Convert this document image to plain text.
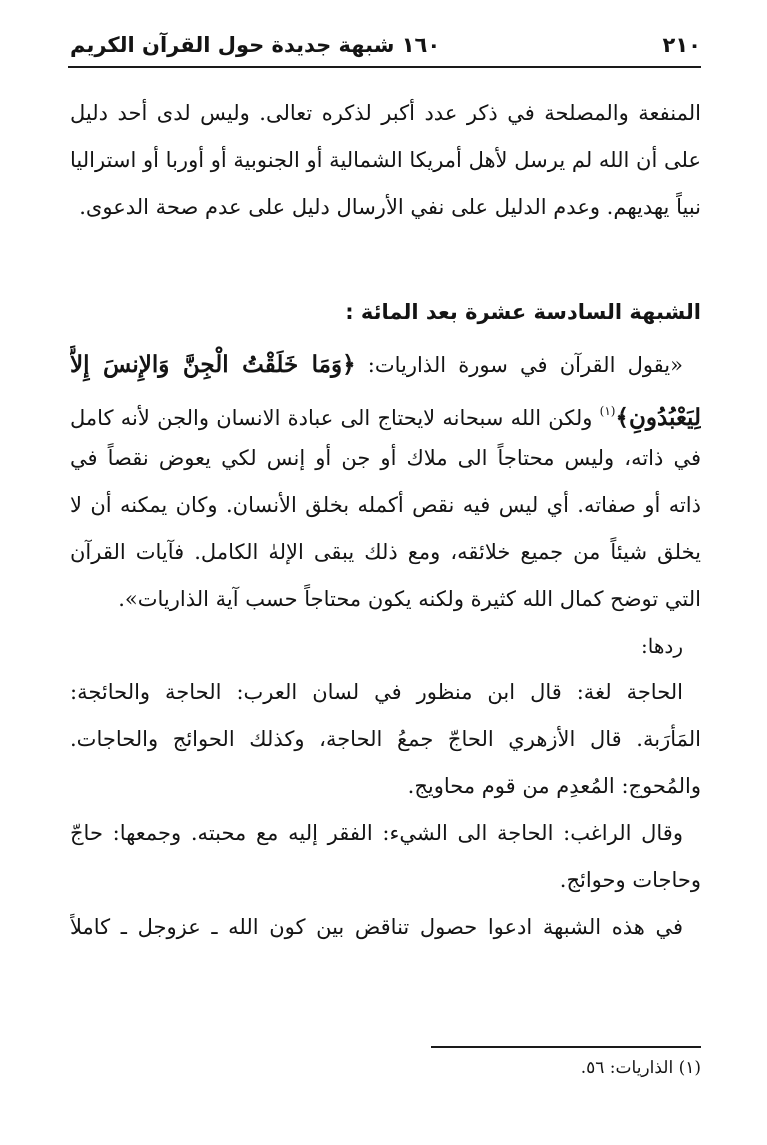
٢١٠
١٦٠ شبهة جديدة حول القرآن الكريم
المنفعة والمصلحة في ذكر عدد أكبر لذكره تعالى. وليس لدى أحد دليل
على أن الله لم يرسل لأهل أمريكا الشمالية أو الجنوبية أو أوربا أو استراليا
نبياً يهديهم. وعدم الدليل على نفي الأرسال دليل على عدم صحة الدعوى.
الشبهة السادسة عشرة بعد المائة :
«يقول القرآن في سورة الذاريات: ﴿وَمَا خَلَقْتُ الْجِنَّ وَالإِنسَ إِلاَّ
لِيَعْبُدُونِ﴾$^{(١)}$ ولكن الله سبحانه لايحتاج الى عبادة الانسان والجن لأنه كامل
في ذاته، وليس محتاجاً الى ملاك أو جن أو إنس لكي يعوض نقصاً في
ذاته أو صفاته. أي ليس فيه نقص أكمله بخلق الأنسان. وكان يمكنه أن لا
يخلق شيئاً من جميع خلائقه، ومع ذلك يبقى الإلهٰ الكامل. فآيات القرآن
التي توضح كمال الله كثيرة ولكنه يكون محتاجاً حسب آية الذاريات».
ردها:
الحاجة لغة: قال ابن منظور في لسان العرب: الحاجة والحائجة:
المَأرَبة. قال الأزهري الحاجّ جمعُ الحاجة، وكذلك الحوائج والحاجات.
والمُحوج: المُعدِم من قوم محاويج.
وقال الراغب: الحاجة الى الشيء: الفقر إليه مع محبته. وجمعها: حاجّ
وحاجات وحوائج.
في هذه الشبهة ادعوا حصول تناقض بين كون الله ـ عزوجل ـ كاملاً
(١) الذاريات: ٥٦.
